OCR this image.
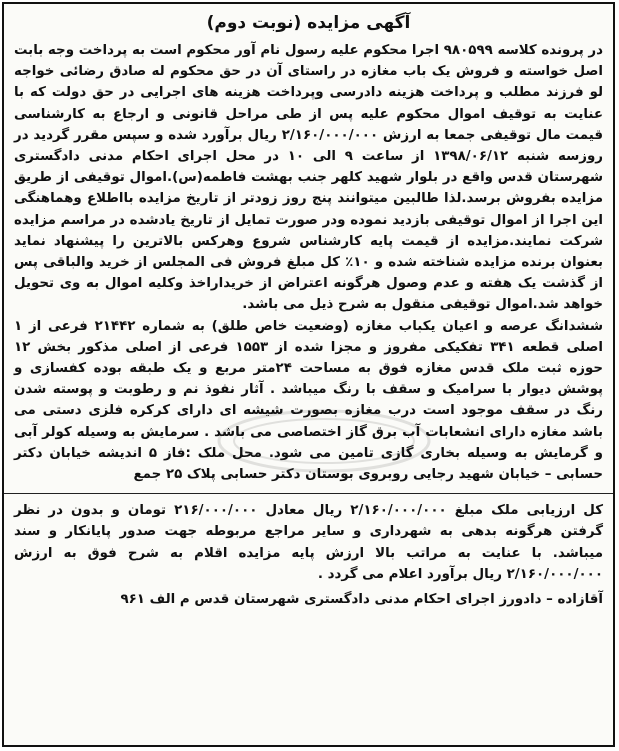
آگهی مزایده (نوبت دوم)

در پرونده کلاسه ۹۸۰۵۹۹ اجرا محکوم علیه رسول نام آور محکوم است به پرداخت وجه بابت اصل خواسته و فروش یک باب مغازه در راستای آن در حق محکوم له صادق رضائی خواجه لو فرزند مطلب و پرداخت هزینه دادرسی وپرداخت هزینه های اجرایی در حق دولت که با عنایت به توقیف اموال محکوم علیه پس از طی مراحل قانونی و ارجاع به کارشناسی قیمت مال توقیفی جمعا به ارزش ۲/۱۶۰/۰۰۰/۰۰۰ ریال برآورد شده و سپس مقرر گردید در روزسه شنبه ۱۳۹۸/۰۶/۱۲ از ساعت ۹ الی ۱۰ در محل اجرای احکام مدنی دادگستری شهرستان قدس واقع در بلوار شهید کلهر جنب بهشت فاطمه(س).اموال توقیفی از طریق مزایده بفروش برسد.لذا طالبین میتوانند پنج روز زودتر از تاریخ مزایده بااطلاع وهماهنگی این اجرا از اموال توقیفی بازدید نموده ودر صورت تمایل از تاریخ یادشده در مراسم مزایده شرکت نمایند.مزایده از قیمت پایه کارشناس شروع وهرکس بالاترین را پیشنهاد نماید بعنوان برنده مزایده شناخته شده و ۱۰٪ کل مبلغ فروش فی المجلس از خرید والباقی پس از گذشت یک هفته و عدم وصول هرگونه اعتراض از خریداراخذ وکلیه اموال به وی تحویل خواهد شد.اموال توقیفی منقول به شرح ذیل می باشد.

ششدانگ عرصه و اعیان یکباب مغازه (وضعیت خاص طلق) به شماره ۲۱۴۴۲ فرعی از ۱ اصلی قطعه ۳۴۱ تفکیکی مفروز و مجزا شده از ۱۵۵۳ فرعی از اصلی مذکور بخش ۱۲ حوزه ثبت ملک قدس مغازه فوق به مساحت ۲۴متر مربع و یک طبقه بوده کفسازی و پوشش دیوار با سرامیک و سقف با رنگ میباشد . آثار نفوذ نم و رطوبت و پوسته شدن رنگ در سقف موجود است درب مغازه بصورت شیشه ای دارای کرکره فلزی دستی می باشد مغازه دارای انشعابات آب برق گاز اختصاصی می باشد . سرمایش به وسیله کولر آبی و گرمایش به وسیله بخاری گازی تامین می شود. محل ملک :فاز ۵ اندیشه خیابان دکتر حسابی – خیابان شهید رجایی روبروی بوستان دکتر حسابی پلاک ۲۵ جمع

کل ارزیابی ملک مبلغ ۲/۱۶۰/۰۰۰/۰۰۰ ریال معادل ۲۱۶/۰۰۰/۰۰۰ تومان و بدون در نظر گرفتن هرگونه بدهی به شهرداری و سایر مراجع مربوطه جهت صدور پایانکار و سند میباشد. با عنایت به مراتب بالا ارزش پایه مزایده اقلام به شرح فوق به ارزش ۲/۱۶۰/۰۰۰/۰۰۰ ریال برآورد اعلام می گردد .

آقازاده – دادورز اجرای احکام مدنی دادگستری شهرستان قدس م الف ۹۶۱
